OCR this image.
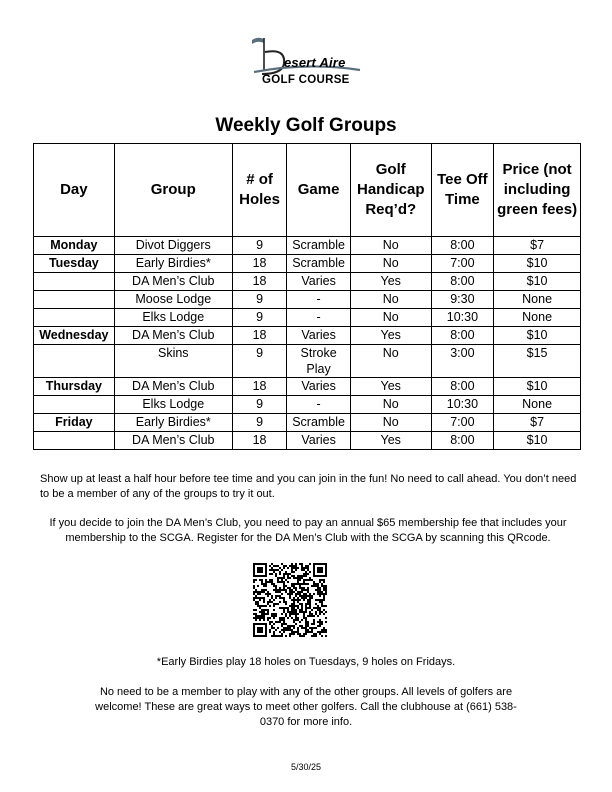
esert Aire
GOLF COURSE
Weekly Golf Groups
Day	Group	# of Holes	Game	Golf Handicap Req’d?	Tee Off Time	Price (not including green fees)
Monday	Divot Diggers	9	Scramble	No	8:00	$7
Tuesday	Early Birdies*	18	Scramble	No	7:00	$10
	DA Men’s Club	18	Varies	Yes	8:00	$10
	Moose Lodge	9	-	No	9:30	None
	Elks Lodge	9	-	No	10:30	None
Wednesday	DA Men’s Club	18	Varies	Yes	8:00	$10
	Skins	9	Stroke Play	No	3:00	$15
Thursday	DA Men’s Club	18	Varies	Yes	8:00	$10
	Elks Lodge	9	-	No	10:30	None
Friday	Early Birdies*	9	Scramble	No	7:00	$7
	DA Men’s Club	18	Varies	Yes	8:00	$10
Show up at least a half hour before tee time and you can join in the fun! No need to call ahead. You don’t need to be a member of any of the groups to try it out.
If you decide to join the DA Men’s Club, you need to pay an annual $65 membership fee that includes your membership to the SCGA. Register for the DA Men’s Club with the SCGA by scanning this QRcode.
*Early Birdies play 18 holes on Tuesdays, 9 holes on Fridays.
No need to be a member to play with any of the other groups. All levels of golfers are welcome! These are great ways to meet other golfers. Call the clubhouse at (661) 538-0370 for more info.
5/30/25
